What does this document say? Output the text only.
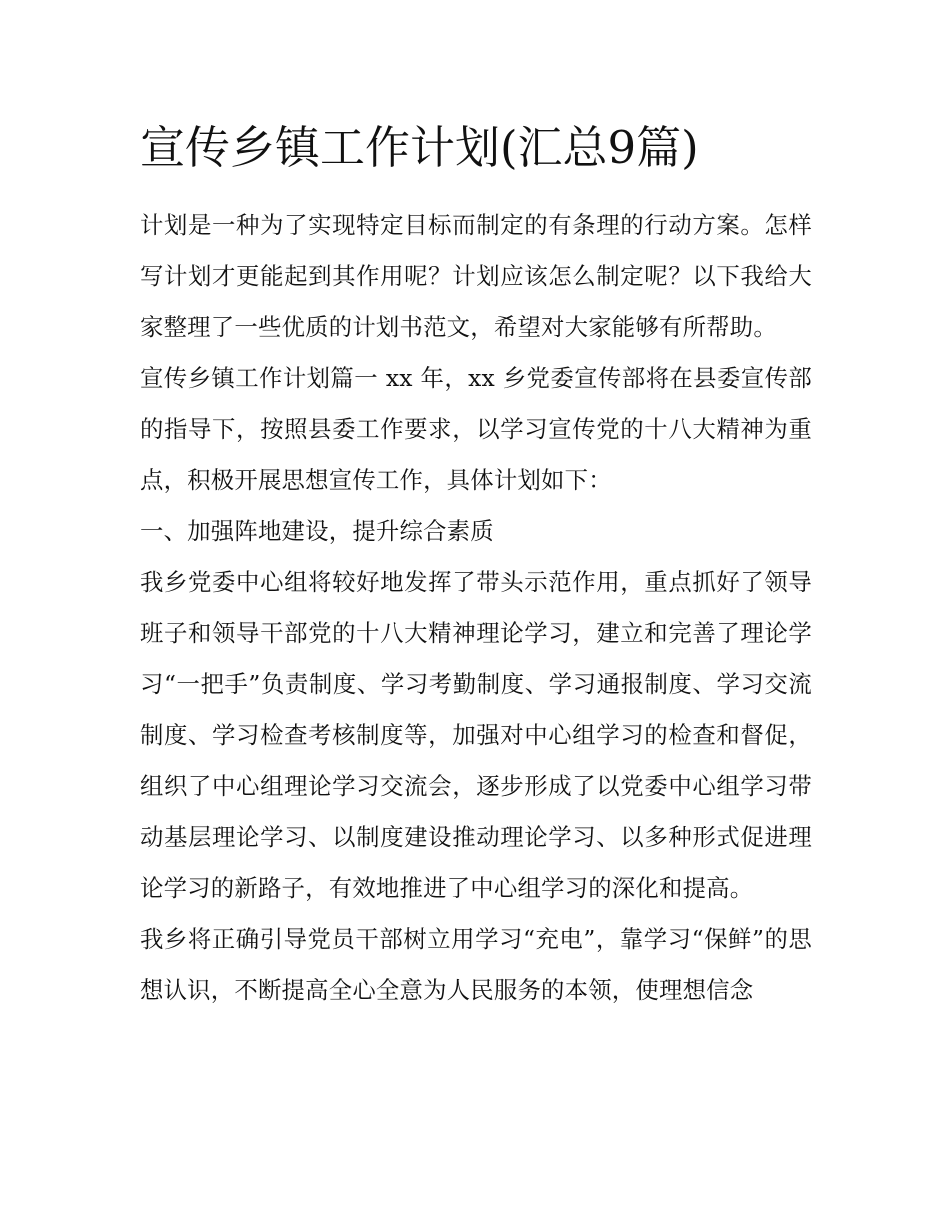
宣传乡镇工作计划(汇总9篇)

计划是一种为了实现特定目标而制定的有条理的行动方案。怎样写计划才更能起到其作用呢？计划应该怎么制定呢？以下我给大家整理了一些优质的计划书范文，希望对大家能够有所帮助。

宣传乡镇工作计划篇一 xx 年，xx 乡党委宣传部将在县委宣传部的指导下，按照县委工作要求，以学习宣传党的十八大精神为重点，积极开展思想宣传工作，具体计划如下：

一、加强阵地建设，提升综合素质

我乡党委中心组将较好地发挥了带头示范作用，重点抓好了领导班子和领导干部党的十八大精神理论学习，建立和完善了理论学习“一把手”负责制度、学习考勤制度、学习通报制度、学习交流制度、学习检查考核制度等，加强对中心组学习的检查和督促，组织了中心组理论学习交流会，逐步形成了以党委中心组学习带动基层理论学习、以制度建设推动理论学习、以多种形式促进理论学习的新路子，有效地推进了中心组学习的深化和提高。

我乡将正确引导党员干部树立用学习“充电”，靠学习“保鲜”的思想认识，不断提高全心全意为人民服务的本领，使理想信念
